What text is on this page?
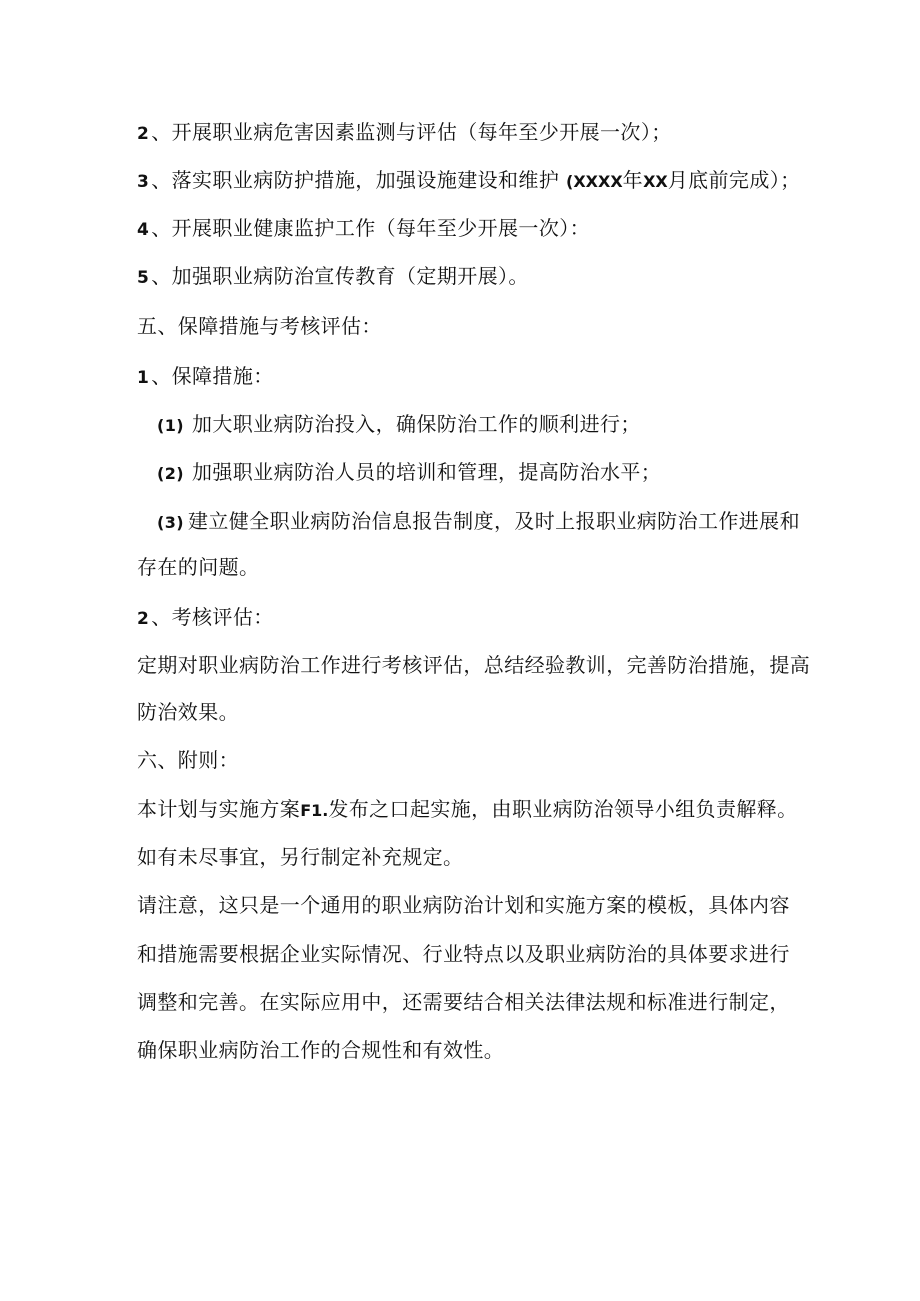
2 、开展职业病危害因素监测与评估（每年至少开展一次）；
3 、落实职业病防护措施，加强设施建设和维护 (XXXX年XX月底前完成）；
4 、开展职业健康监护工作（每年至少开展一次）：
5 、加强职业病防治宣传教育（定期开展）。
五、保障措施与考核评估：
1 、保障措施：
(1) 加大职业病防治投入，确保防治工作的顺利进行；
(2) 加强职业病防治人员的培训和管理，提高防治水平；
(3) 建立健全职业病防治信息报告制度，及时上报职业病防治工作进展和
存在的问题。
2 、考核评估：
定期对职业病防治工作进行考核评估，总结经验教训，完善防治措施，提高
防治效果。
六、附则：
本计划与实施方案F1.发布之口起实施，由职业病防治领导小组负责解释。
如有未尽事宜，另行制定补充规定。
请注意，这只是一个通用的职业病防治计划和实施方案的模板，具体内容
和措施需要根据企业实际情况、行业特点以及职业病防治的具体要求进行
调整和完善。在实际应用中，还需要结合相关法律法规和标准进行制定，
确保职业病防治工作的合规性和有效性。
